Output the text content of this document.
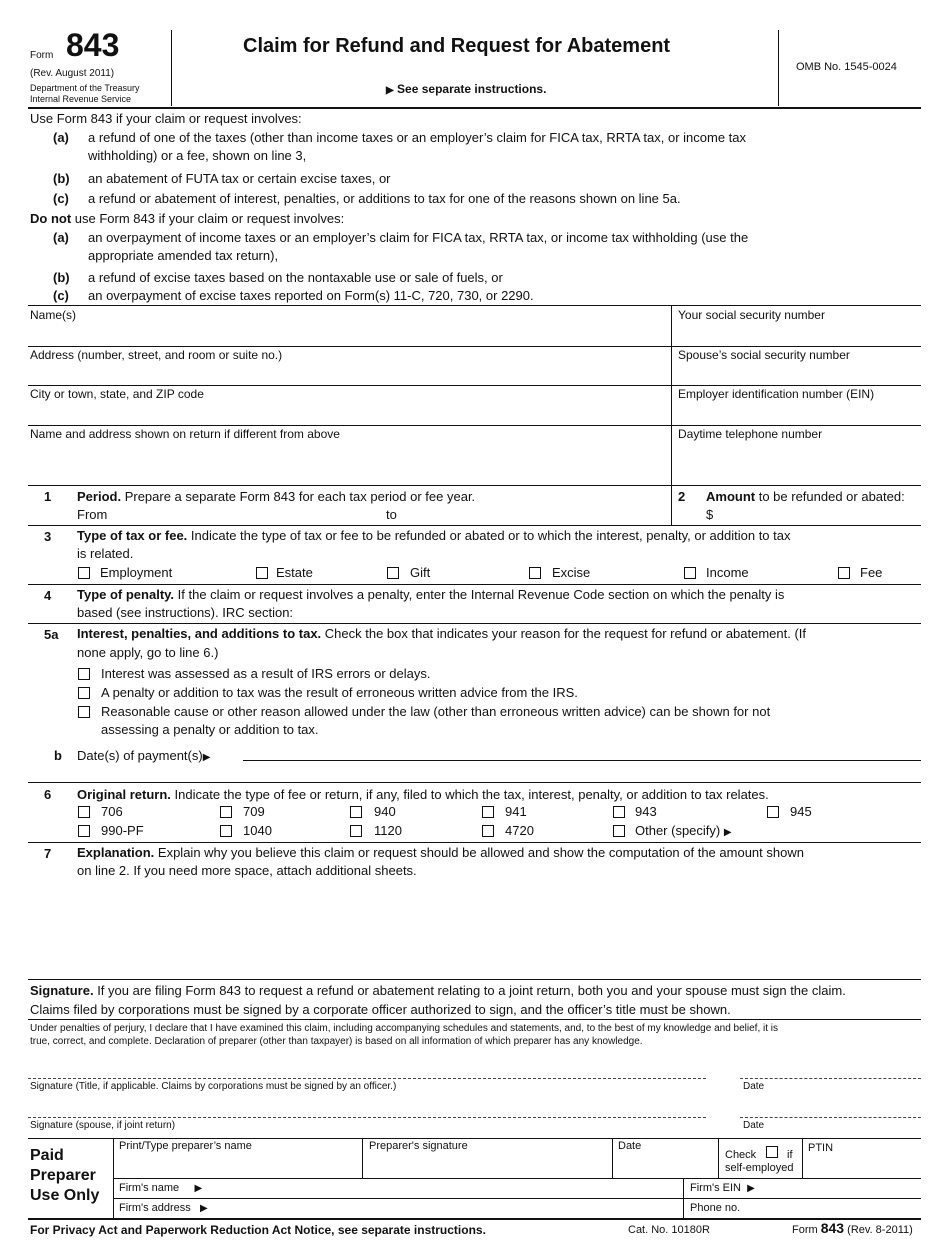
Form 843
(Rev. August 2011)
Department of the Treasury
Internal Revenue Service
Claim for Refund and Request for Abatement
▶ See separate instructions.
OMB No. 1545-0024
Use Form 843 if your claim or request involves:
(a) a refund of one of the taxes (other than income taxes or an employer’s claim for FICA tax, RRTA tax, or income tax
withholding) or a fee, shown on line 3,
(b) an abatement of FUTA tax or certain excise taxes, or
(c) a refund or abatement of interest, penalties, or additions to tax for one of the reasons shown on line 5a.
Do not use Form 843 if your claim or request involves:
(a) an overpayment of income taxes or an employer’s claim for FICA tax, RRTA tax, or income tax withholding (use the
appropriate amended tax return),
(b) a refund of excise taxes based on the nontaxable use or sale of fuels, or
(c) an overpayment of excise taxes reported on Form(s) 11-C, 720, 730, or 2290.
Name(s)	Your social security number
Address (number, street, and room or suite no.)	Spouse’s social security number
City or town, state, and ZIP code	Employer identification number (EIN)
Name and address shown on return if different from above	Daytime telephone number
1 Period. Prepare a separate Form 843 for each tax period or fee year.
From	to
2 Amount to be refunded or abated:
$
3 Type of tax or fee. Indicate the type of tax or fee to be refunded or abated or to which the interest, penalty, or addition to tax
is related.
Employment	Estate	Gift	Excise	Income	Fee
4 Type of penalty. If the claim or request involves a penalty, enter the Internal Revenue Code section on which the penalty is
based (see instructions). IRC section:
5a Interest, penalties, and additions to tax. Check the box that indicates your reason for the request for refund or abatement. (If
none apply, go to line 6.)
Interest was assessed as a result of IRS errors or delays.
A penalty or addition to tax was the result of erroneous written advice from the IRS.
Reasonable cause or other reason allowed under the law (other than erroneous written advice) can be shown for not
assessing a penalty or addition to tax.
b Date(s) of payment(s)▶
6 Original return. Indicate the type of fee or return, if any, filed to which the tax, interest, penalty, or addition to tax relates.
706	709	940	941	943	945
990-PF	1040	1120	4720	Other (specify) ▶
7 Explanation. Explain why you believe this claim or request should be allowed and show the computation of the amount shown
on line 2. If you need more space, attach additional sheets.
Signature. If you are filing Form 843 to request a refund or abatement relating to a joint return, both you and your spouse must sign the claim.
Claims filed by corporations must be signed by a corporate officer authorized to sign, and the officer’s title must be shown.
Under penalties of perjury, I declare that I have examined this claim, including accompanying schedules and statements, and, to the best of my knowledge and belief, it is
true, correct, and complete. Declaration of preparer (other than taxpayer) is based on all information of which preparer has any knowledge.
Signature (Title, if applicable. Claims by corporations must be signed by an officer.)	Date
Signature (spouse, if joint return)	Date
Paid
Preparer
Use Only
Print/Type preparer’s name	Preparer's signature	Date
Check	if
self-employed
PTIN
Firm's name ▶	Firm's EIN ▶
Firm's address ▶	Phone no.
For Privacy Act and Paperwork Reduction Act Notice, see separate instructions.	Cat. No. 10180R	Form 843 (Rev. 8-2011)
